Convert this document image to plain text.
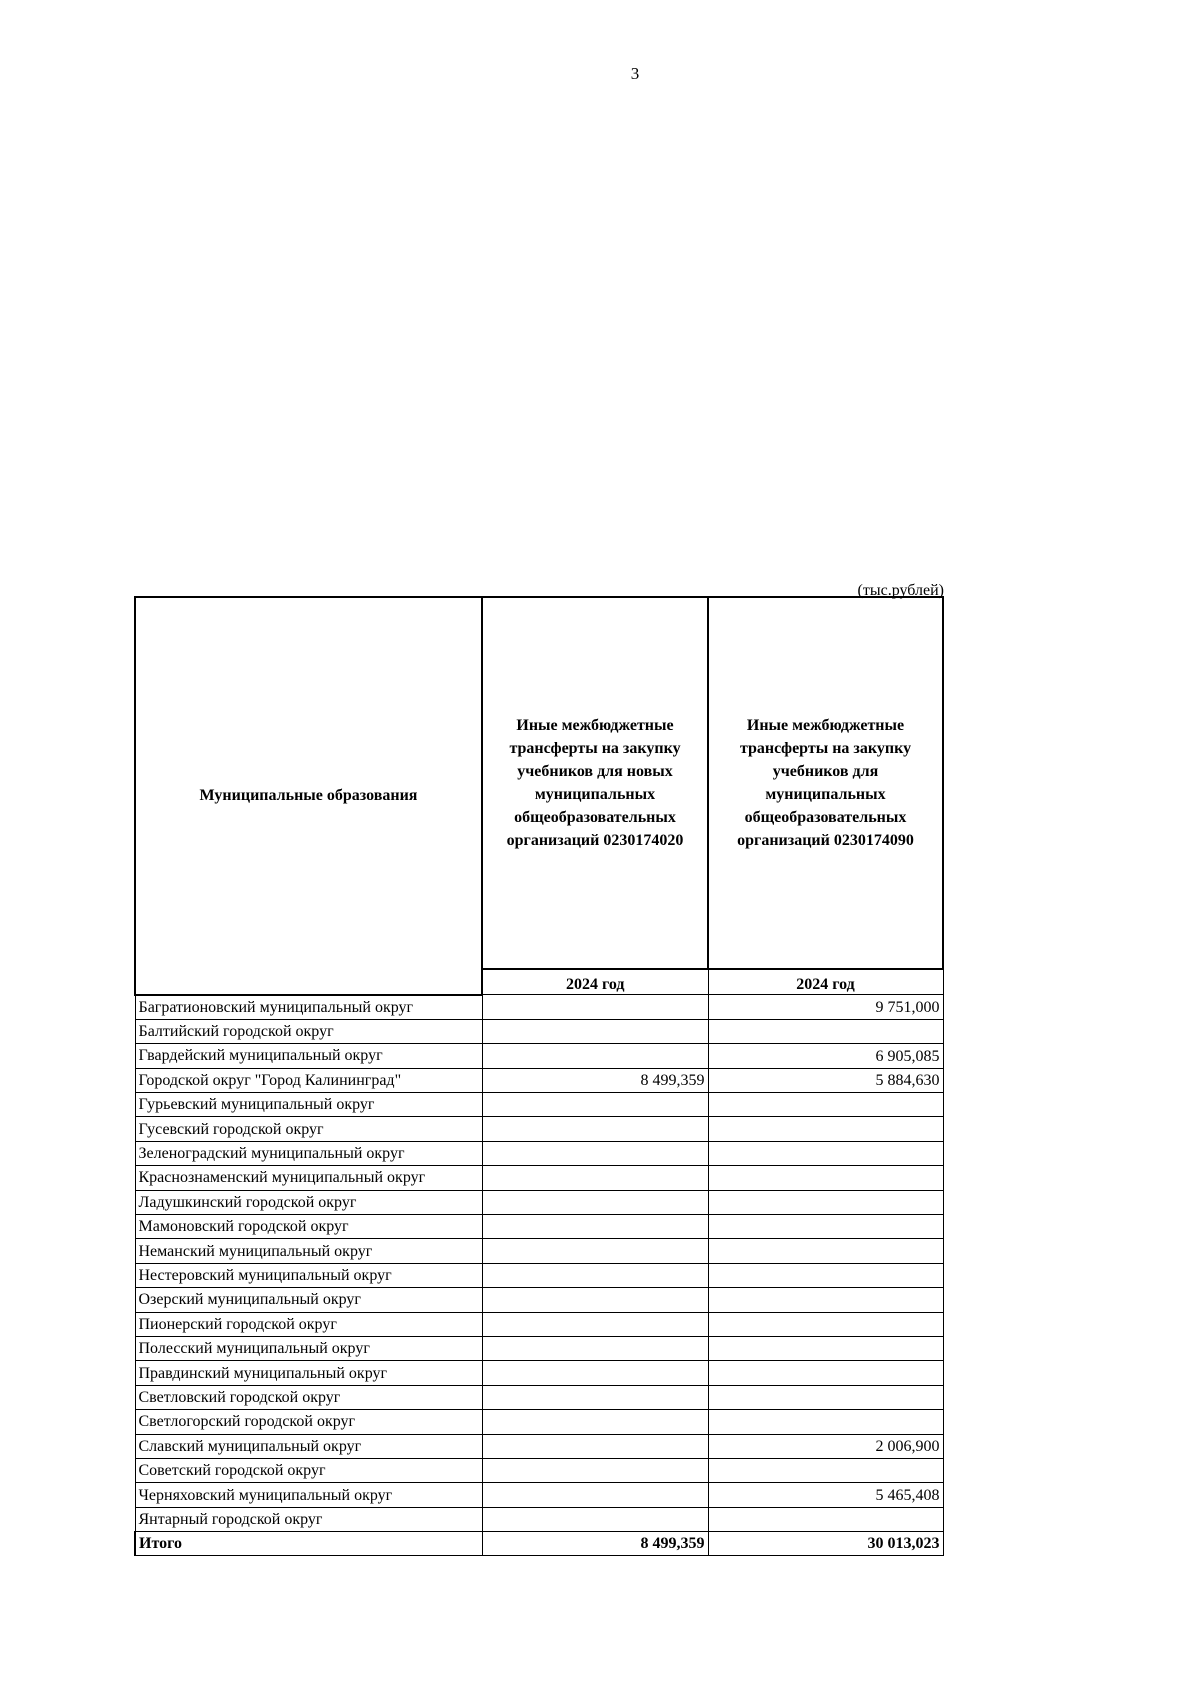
3
(тыс.рублей)
Муниципальные образования	Иные межбюджетные трансферты на закупку учебников для новых муниципальных общеобразовательных организаций 0230174020	Иные межбюджетные трансферты на закупку учебников для муниципальных общеобразовательных организаций 0230174090
	2024 год	2024 год
Багратионовский муниципальный округ		9 751,000
Балтийский городской округ		
Гвардейский муниципальный округ		6 905,085
Городской округ "Город Калининград"	8 499,359	5 884,630
Гурьевский муниципальный округ		
Гусевский городской округ		
Зеленоградский муниципальный округ		
Краснознаменский муниципальный округ		
Ладушкинский городской округ		
Мамоновский городской округ		
Неманский муниципальный округ		
Нестеровский муниципальный округ		
Озерский муниципальный округ		
Пионерский городской округ		
Полесский муниципальный округ		
Правдинский муниципальный округ		
Светловский городской округ		
Светлогорский городской округ		
Славский муниципальный округ		2 006,900
Советский городской округ		
Черняховский муниципальный округ		5 465,408
Янтарный городской округ		
Итого	8 499,359	30 013,023
